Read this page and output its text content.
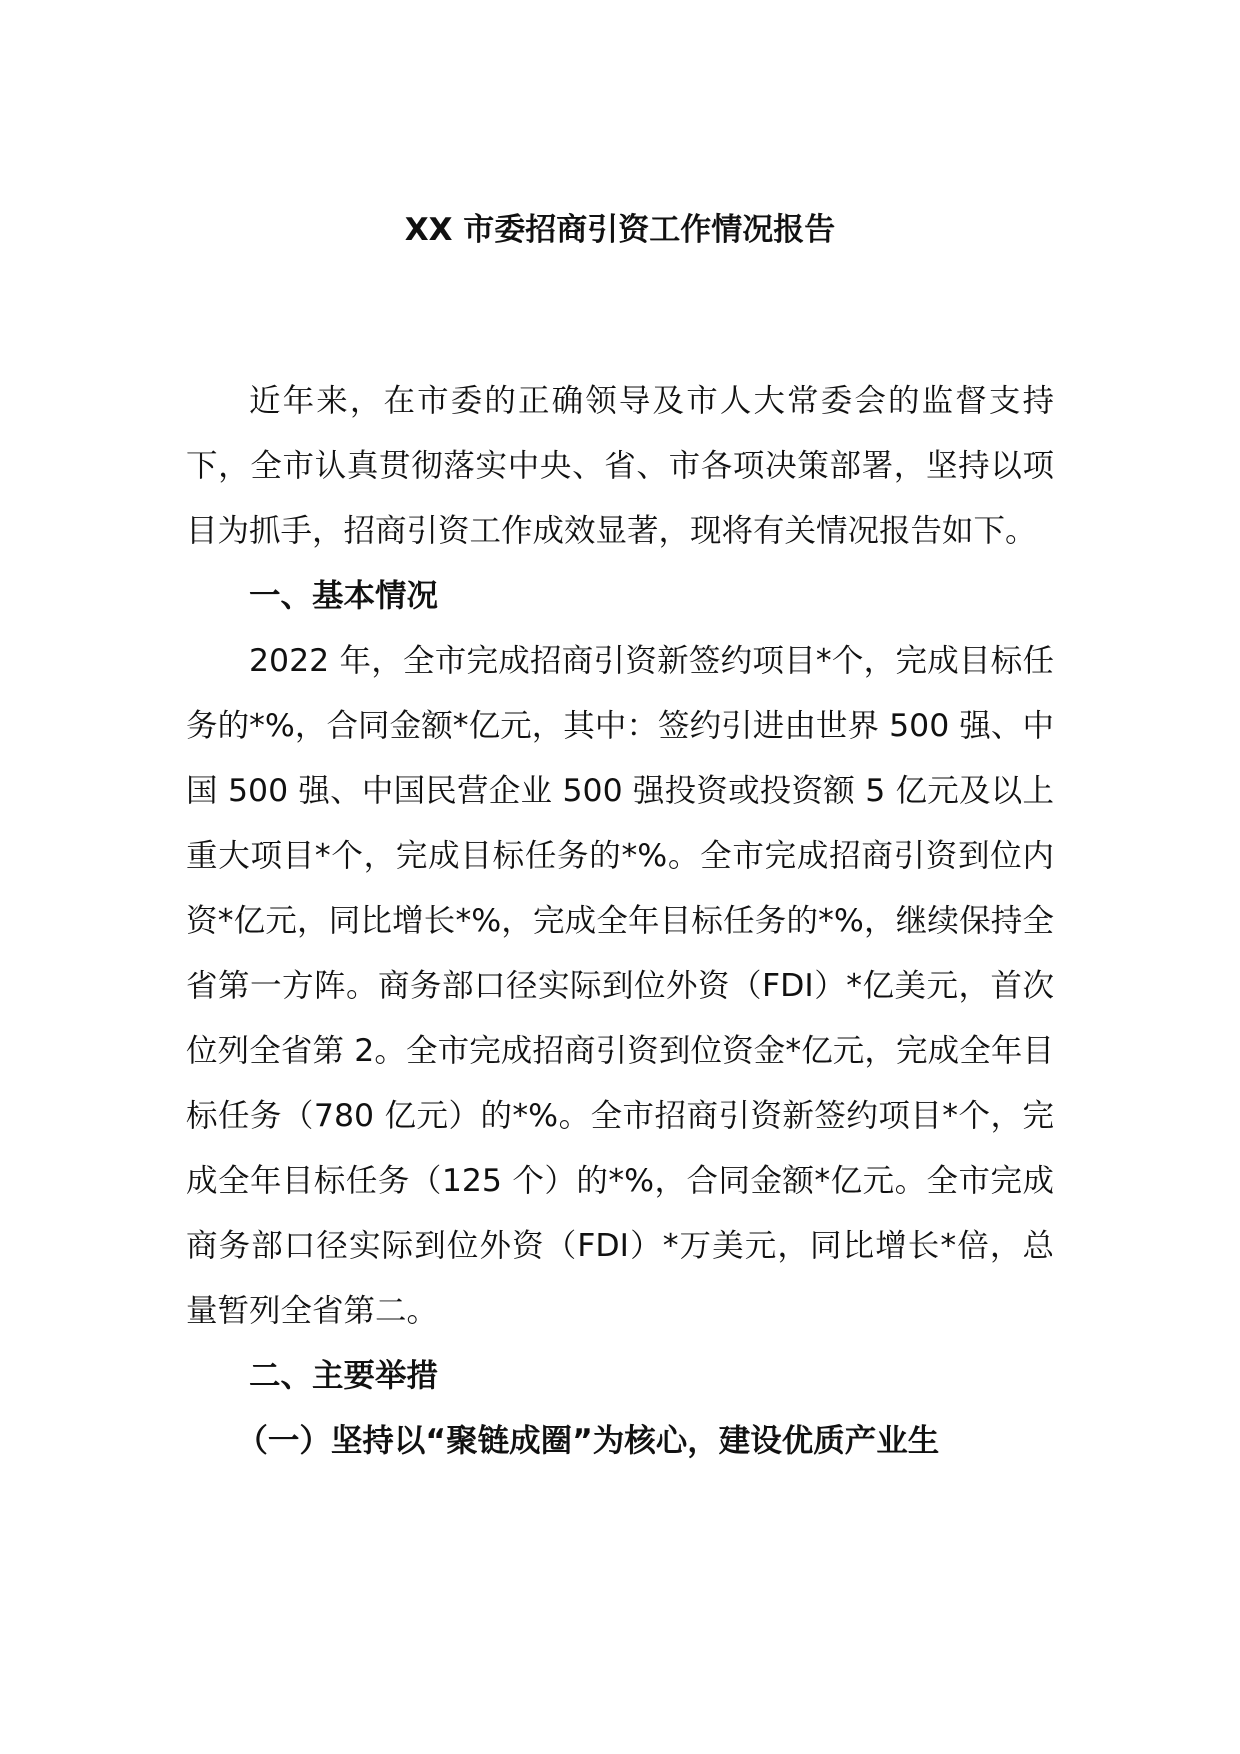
XX 市委招商引资工作情况报告

近年来，在市委的正确领导及市人大常委会的监督支持下，全市认真贯彻落实中央、省、市各项决策部署，坚持以项目为抓手，招商引资工作成效显著，现将有关情况报告如下。

一、基本情况

2022 年，全市完成招商引资新签约项目*个，完成目标任务的*%，合同金额*亿元，其中：签约引进由世界 500 强、中国 500 强、中国民营企业 500 强投资或投资额 5 亿元及以上重大项目*个，完成目标任务的*%。全市完成招商引资到位内资*亿元，同比增长*%，完成全年目标任务的*%，继续保持全省第一方阵。商务部口径实际到位外资（FDI）*亿美元，首次位列全省第 2。全市完成招商引资到位资金*亿元，完成全年目标任务（780 亿元）的*%。全市招商引资新签约项目*个，完成全年目标任务（125 个）的*%，合同金额*亿元。全市完成商务部口径实际到位外资（FDI）*万美元，同比增长*倍，总量暂列全省第二。

二、主要举措

（一）坚持以“聚链成圈”为核心，建设优质产业生
